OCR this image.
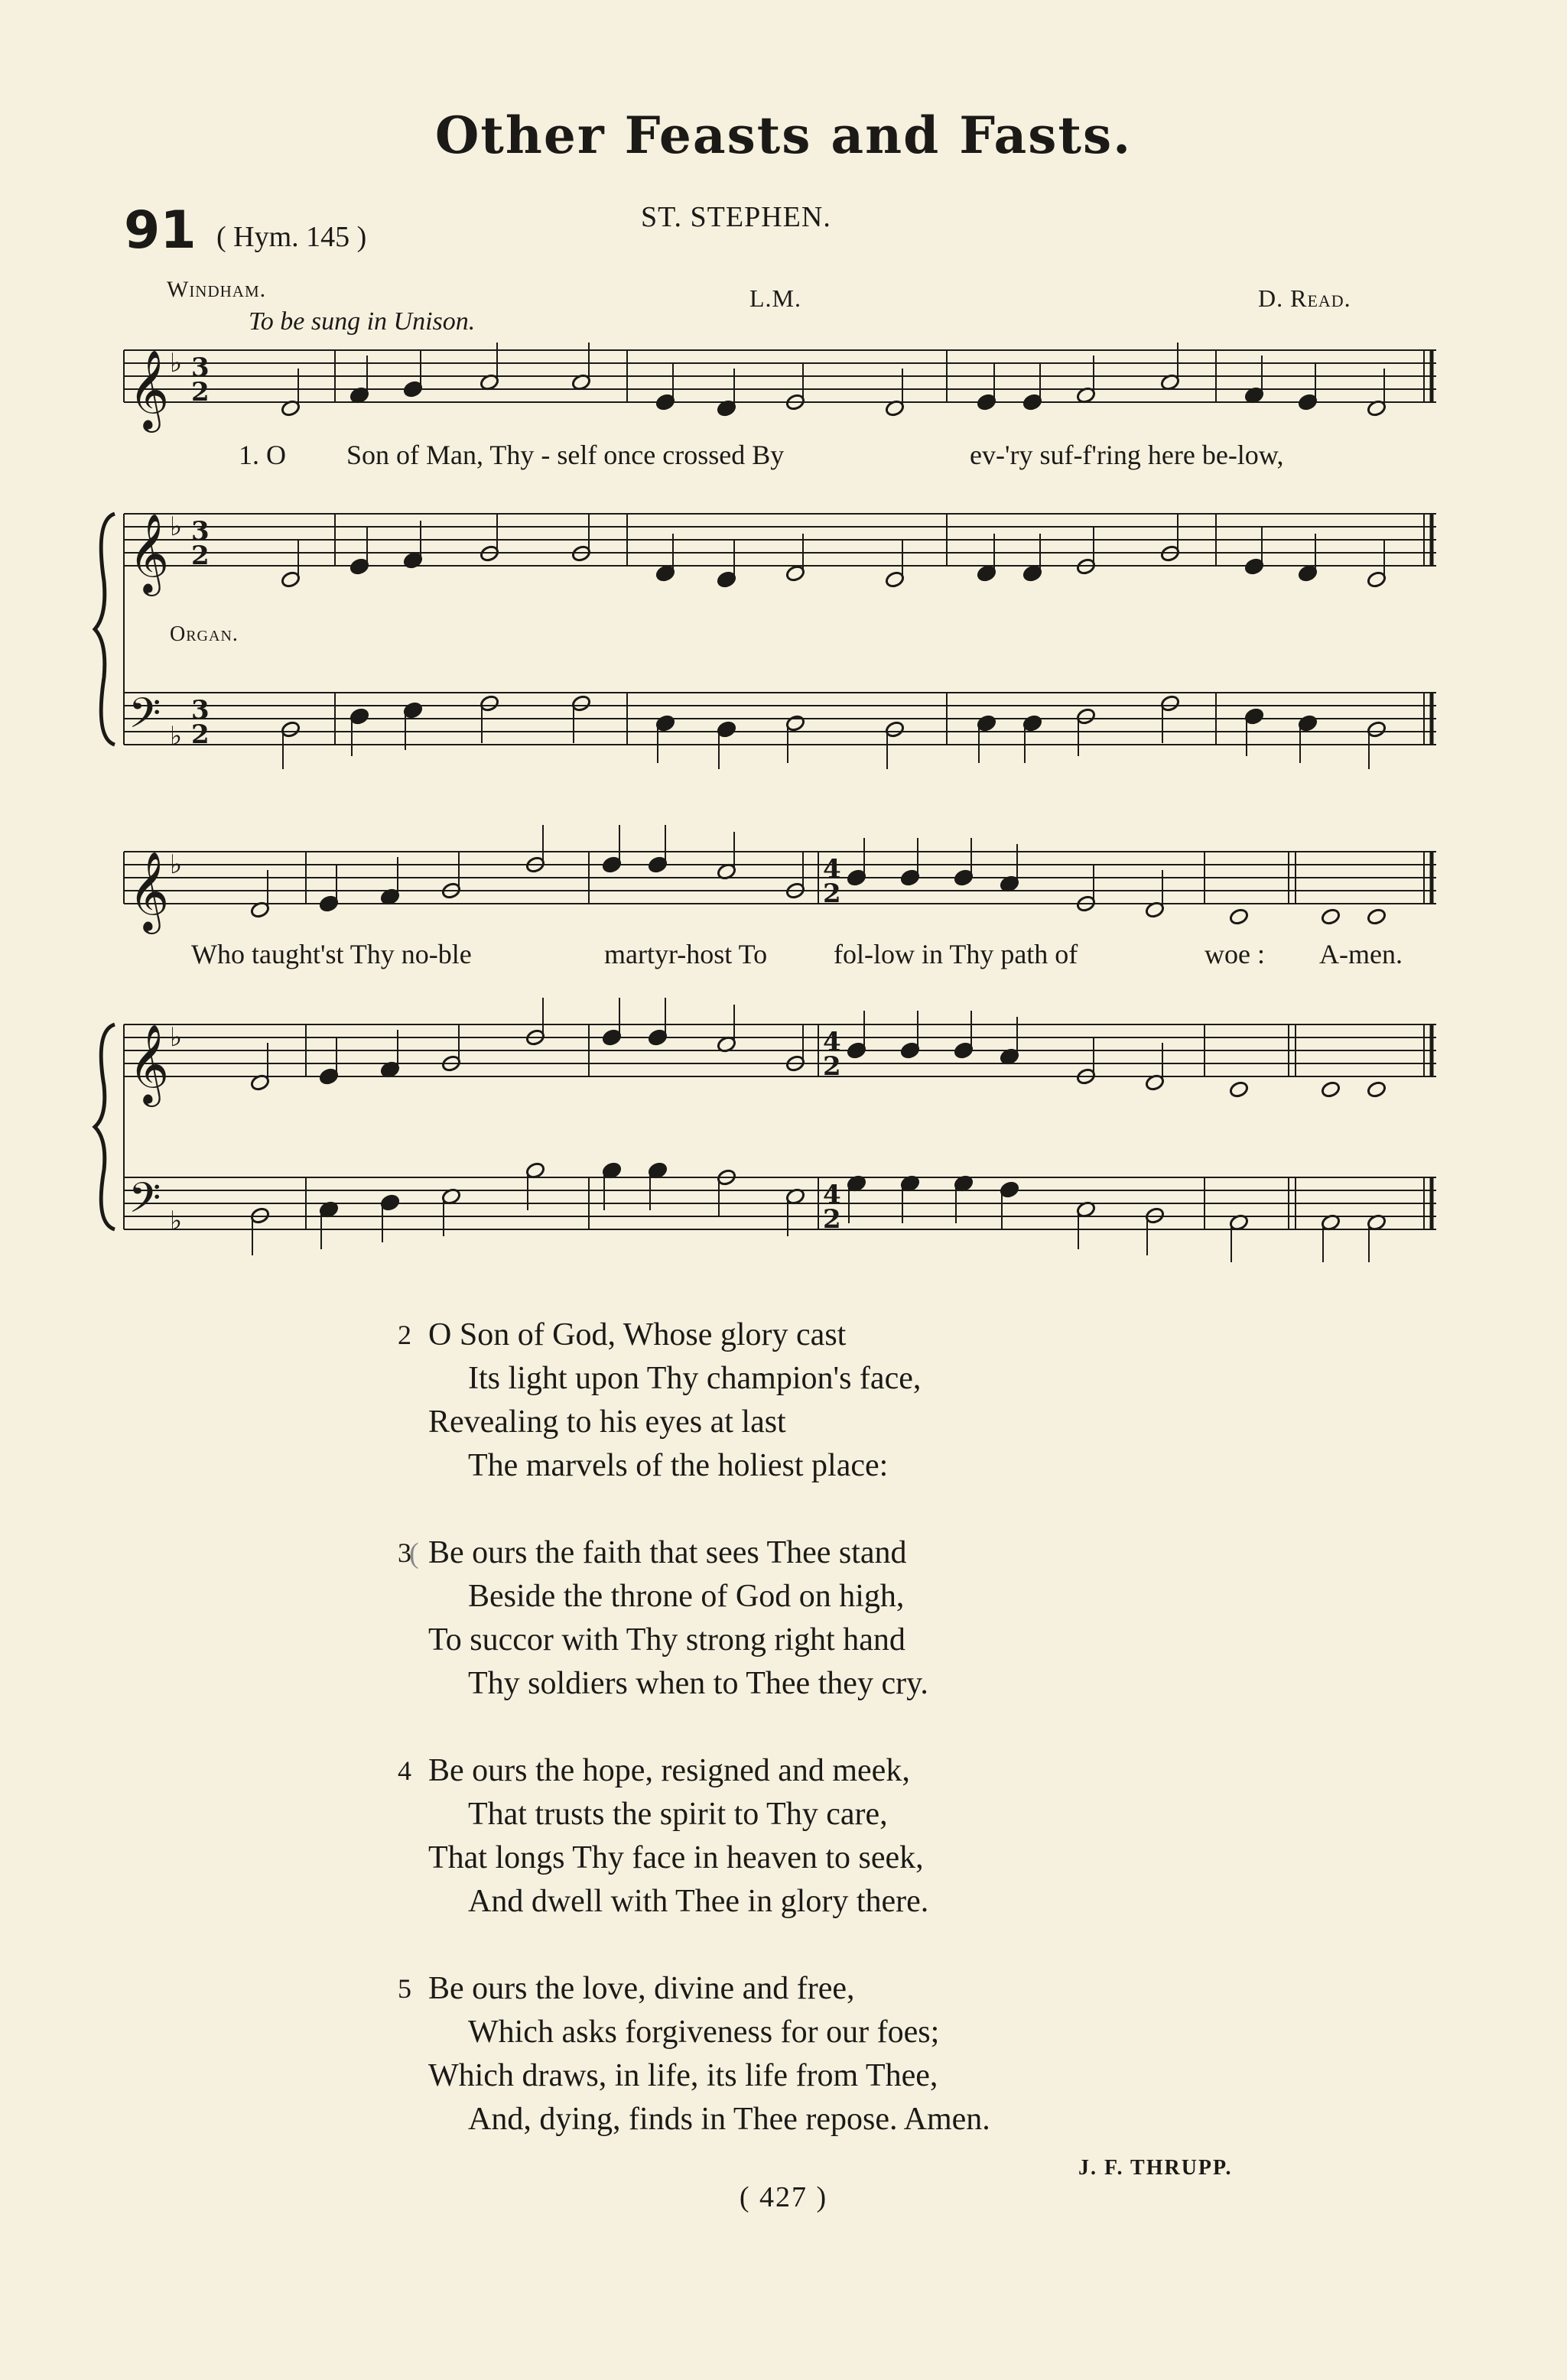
Other Feasts and Fasts.
91 ( Hym. 145 )
ST. STEPHEN.
Windham.
To be sung in Unison.
L.M.	D. Read.
Organ.
𝄞
𝄞
𝄢
𝄞
𝄞
𝄢
♭
♭
♭
♭
♭
♭
3
2
3
2
3
2
4
2
4
2
4
2
1. O Son of Man, Thy - self once crossed By	ev-'ry suf-f'ring here be-low,
Who taught'st Thy no-ble	martyr-host To fol-low in Thy path of	woe : A-men.
2 O Son of God, Whose glory cast
Its light upon Thy champion's face,
Revealing to his eyes at last
The marvels of the holiest place:
3 Be ours the faith that sees Thee stand
Beside the throne of God on high,
To succor with Thy strong right hand
Thy soldiers when to Thee they cry.
4 Be ours the hope, resigned and meek,
That trusts the spirit to Thy care,
That longs Thy face in heaven to seek,
And dwell with Thee in glory there.
5 Be ours the love, divine and free,
Which asks forgiveness for our foes;
Which draws, in life, its life from Thee,
And, dying, finds in Thee repose. Amen.
(
J. F. THRUPP.
( 427 )
